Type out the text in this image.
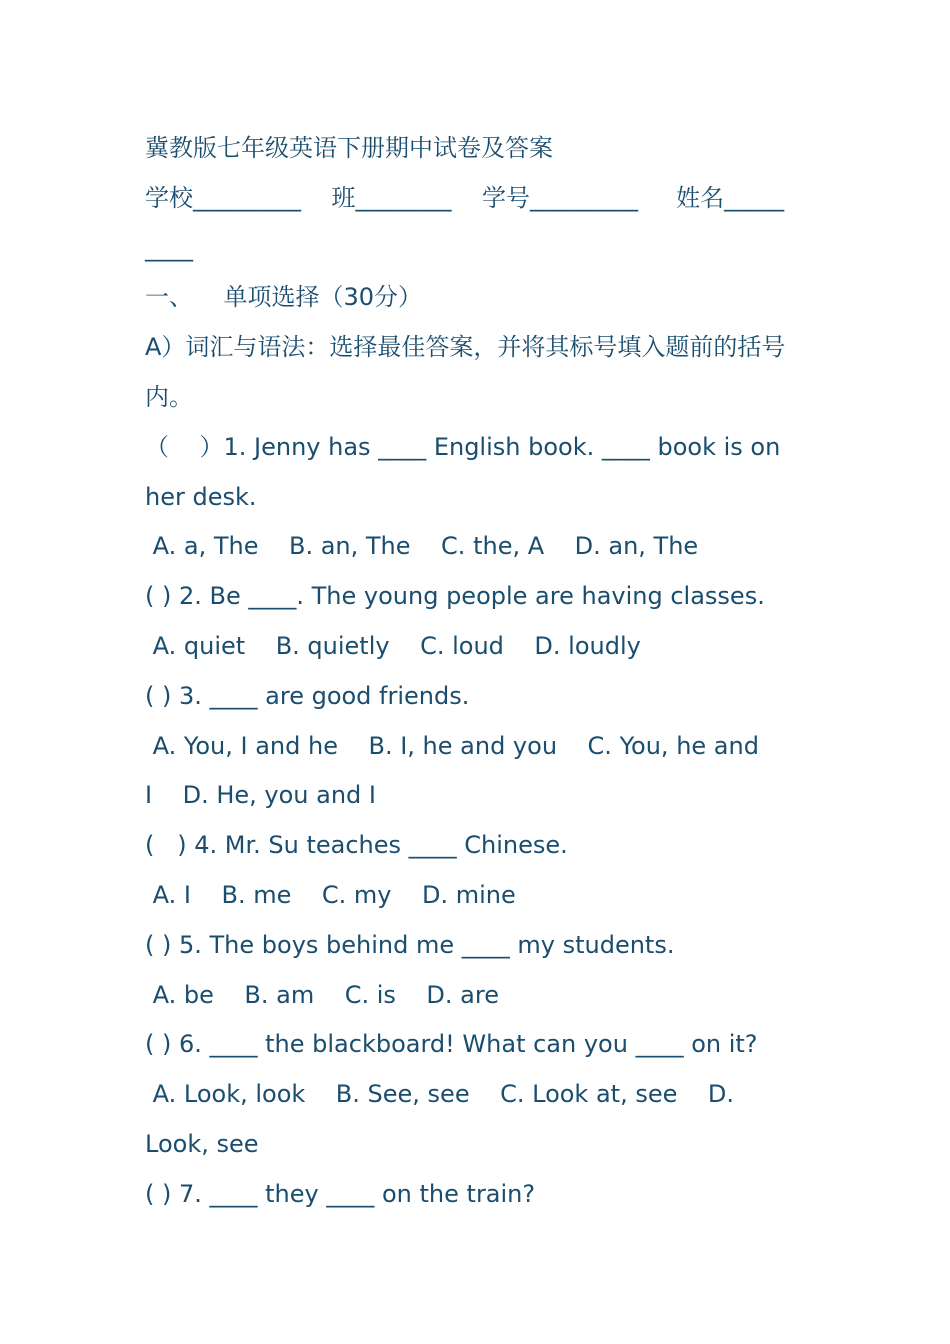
冀教版七年级英语下册期中试卷及答案
学校_________    班________    学号_________     姓名_____
____
一、    单项选择（30分）
A）词汇与语法：选择最佳答案，并将其标号填入题前的括号
内。
（    ）1. Jenny has ____ English book. ____ book is on
her desk.
A. a, The    B. an, The    C. the, A    D. an, The
( ) 2. Be ____. The young people are having classes.
A. quiet    B. quietly    C. loud    D. loudly
( ) 3. ____ are good friends.
A. You, I and he    B. I, he and you    C. You, he and
I    D. He, you and I
(   ) 4. Mr. Su teaches ____ Chinese.
A. I    B. me    C. my    D. mine
( ) 5. The boys behind me ____ my students.
A. be    B. am    C. is    D. are
( ) 6. ____ the blackboard! What can you ____ on it?
A. Look, look    B. See, see    C. Look at, see    D.
Look, see
( ) 7. ____ they ____ on the train?
